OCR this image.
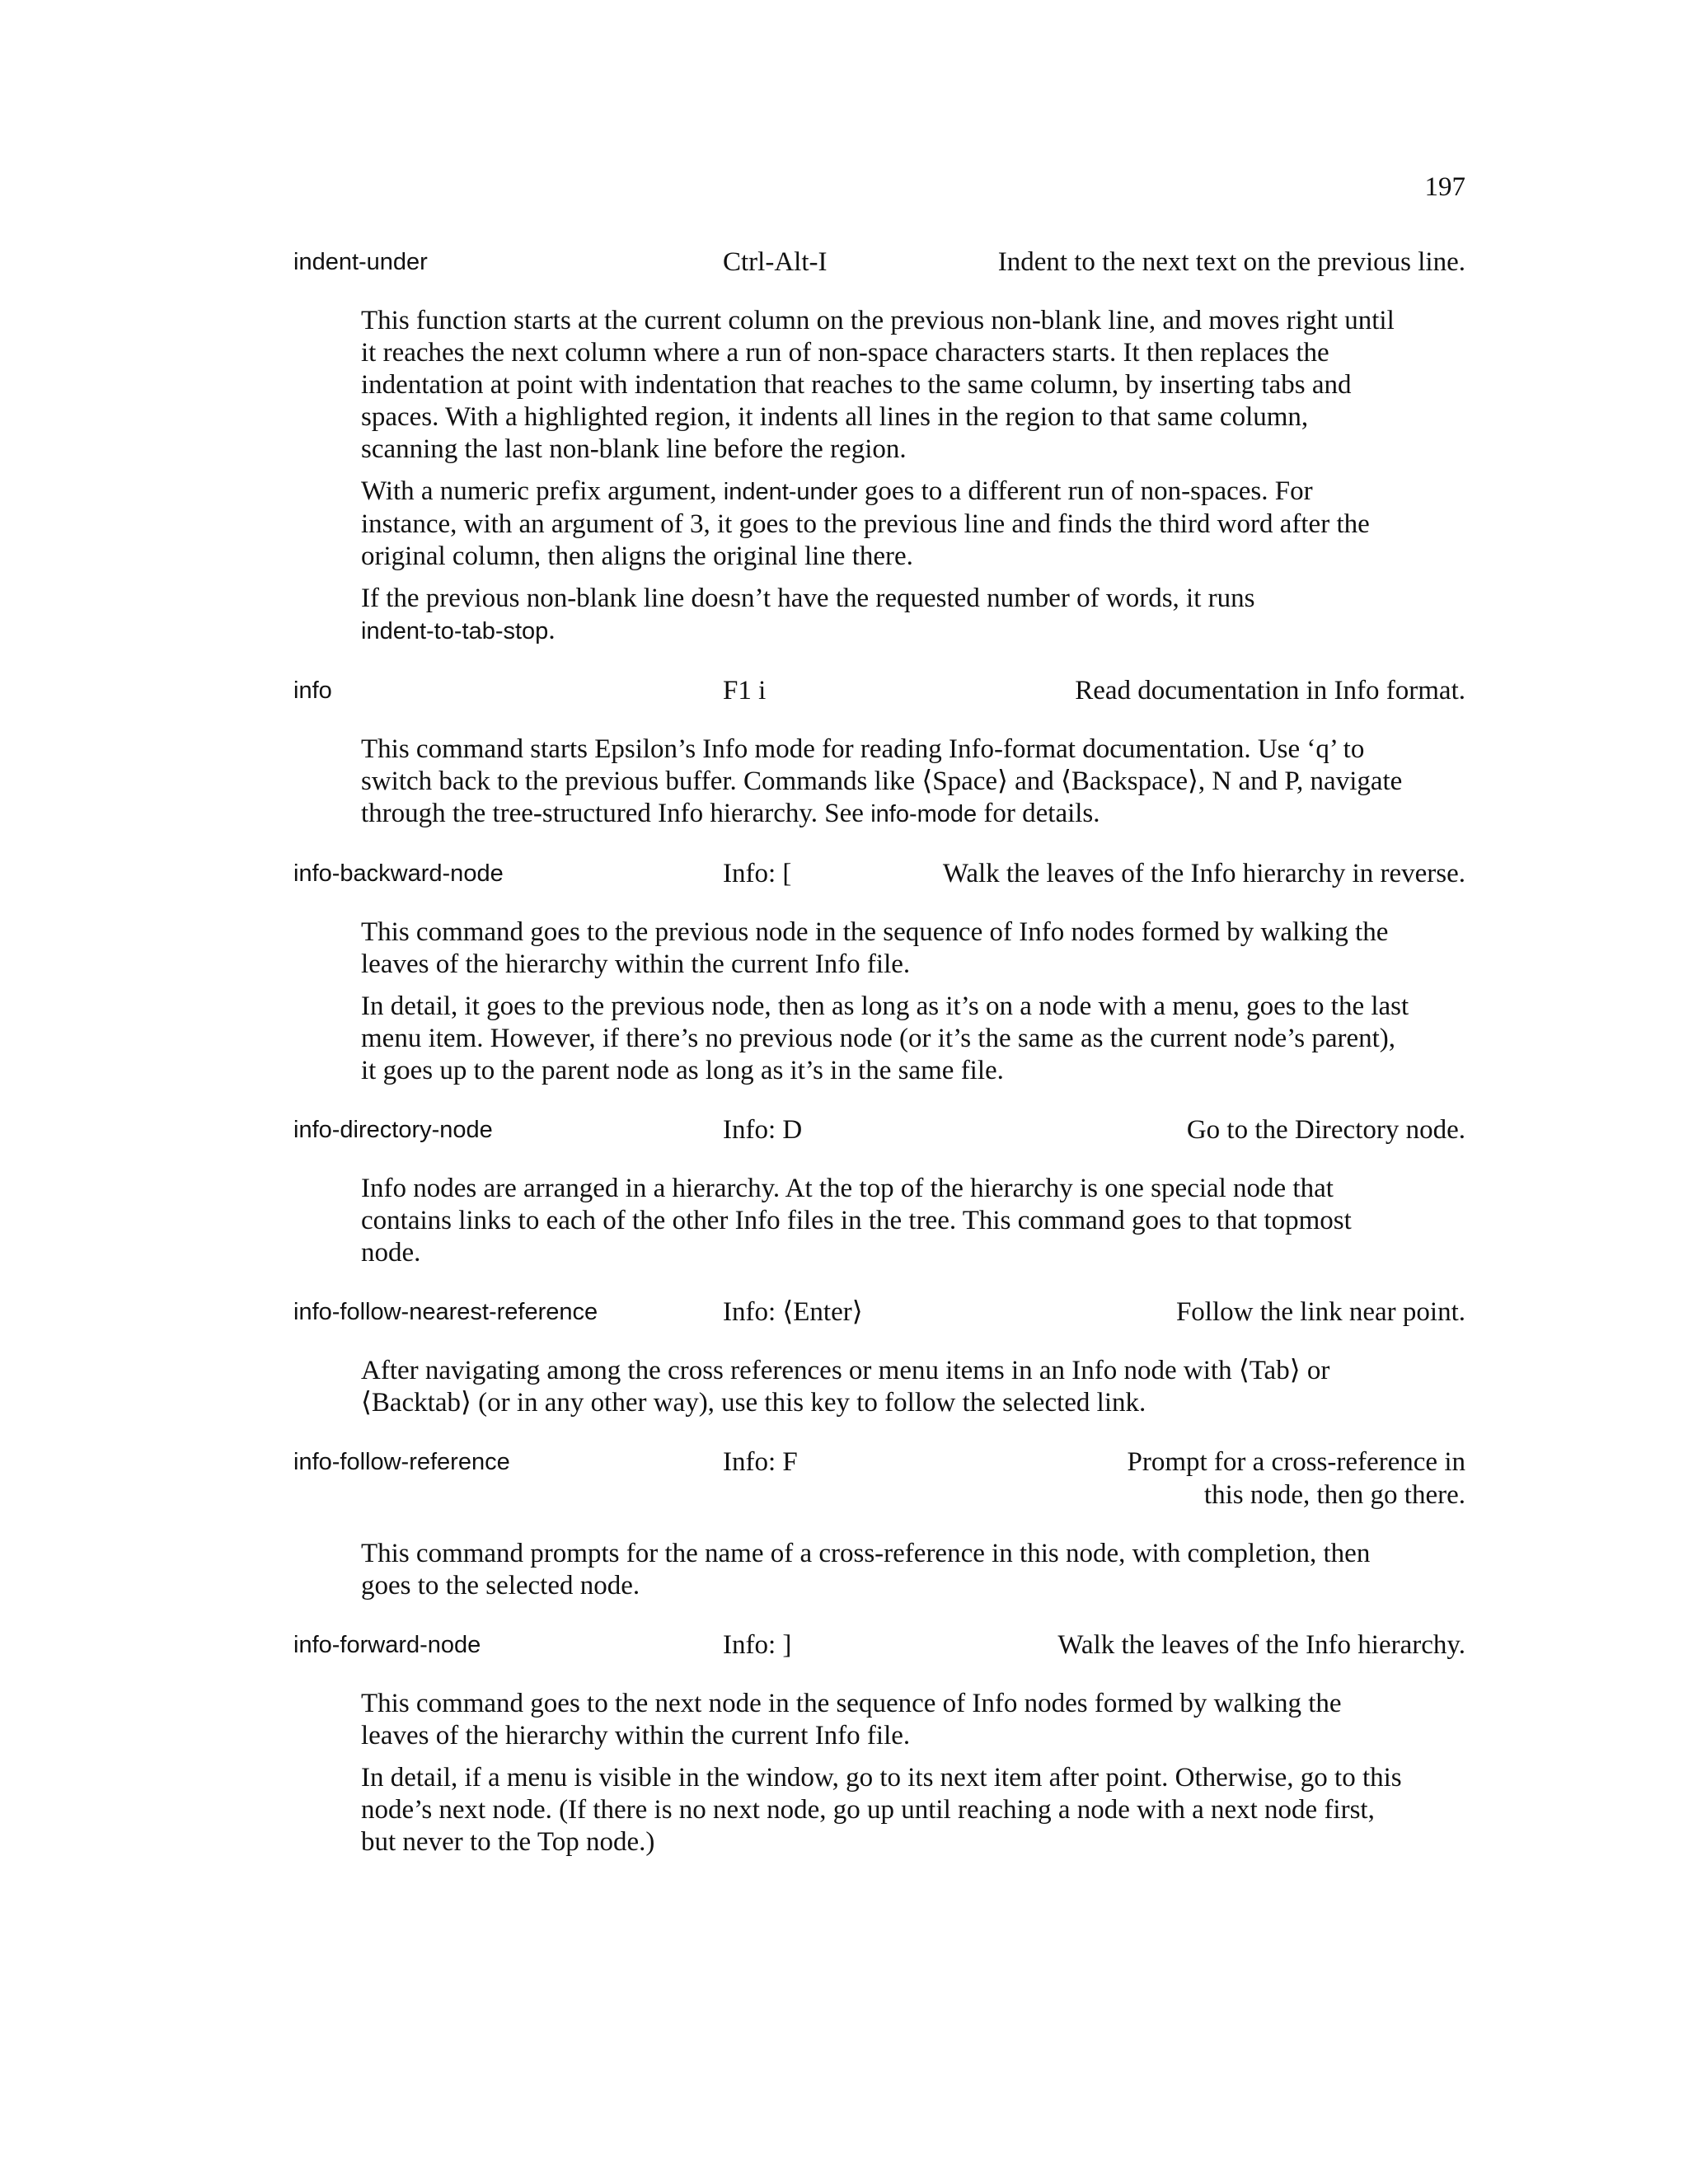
197
indent-under	Ctrl-Alt-I	Indent to the next text on the previous line.

This function starts at the current column on the previous non-blank line, and moves right until
it reaches the next column where a run of non-space characters starts. It then replaces the
indentation at point with indentation that reaches to the same column, by inserting tabs and
spaces. With a highlighted region, it indents all lines in the region to that same column,
scanning the last non-blank line before the region.

With a numeric prefix argument, indent-under goes to a different run of non-spaces. For
instance, with an argument of 3, it goes to the previous line and finds the third word after the
original column, then aligns the original line there.

If the previous non-blank line doesn’t have the requested number of words, it runs
indent-to-tab-stop.

info	F1 i	Read documentation in Info format.

This command starts Epsilon’s Info mode for reading Info-format documentation. Use ‘q’ to
switch back to the previous buffer. Commands like ⟨Space⟩ and ⟨Backspace⟩, N and P, navigate
through the tree-structured Info hierarchy. See info-mode for details.

info-backward-node	Info: [	Walk the leaves of the Info hierarchy in reverse.

This command goes to the previous node in the sequence of Info nodes formed by walking the
leaves of the hierarchy within the current Info file.

In detail, it goes to the previous node, then as long as it’s on a node with a menu, goes to the last
menu item. However, if there’s no previous node (or it’s the same as the current node’s parent),
it goes up to the parent node as long as it’s in the same file.

info-directory-node	Info: D	Go to the Directory node.

Info nodes are arranged in a hierarchy. At the top of the hierarchy is one special node that
contains links to each of the other Info files in the tree. This command goes to that topmost
node.

info-follow-nearest-reference	Info: ⟨Enter⟩	Follow the link near point.

After navigating among the cross references or menu items in an Info node with ⟨Tab⟩ or
⟨Backtab⟩ (or in any other way), use this key to follow the selected link.

info-follow-reference	Info: F	Prompt for a cross-reference in
this node, then go there.

This command prompts for the name of a cross-reference in this node, with completion, then
goes to the selected node.

info-forward-node	Info: ]	Walk the leaves of the Info hierarchy.

This command goes to the next node in the sequence of Info nodes formed by walking the
leaves of the hierarchy within the current Info file.

In detail, if a menu is visible in the window, go to its next item after point. Otherwise, go to this
node’s next node. (If there is no next node, go up until reaching a node with a next node first,
but never to the Top node.)
